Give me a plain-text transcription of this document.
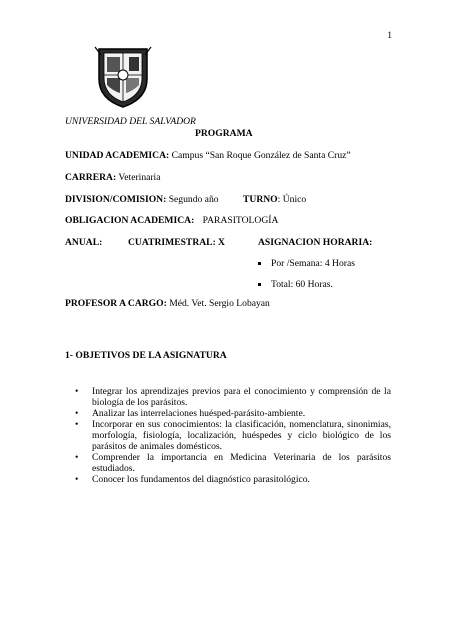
1
UNIVERSIDAD DEL SALVADOR
PROGRAMA
UNIDAD ACADEMICA: Campus “San Roque González de Santa Cruz”
CARRERA: Veterinaria
DIVISION/COMISION: Segundo año	TURNO: Único
OBLIGACION ACADEMICA: PARASITOLOGÍA
ANUAL:	CUATRIMESTRAL: X	ASIGNACION HORARIA:
Por /Semana: 4 Horas
Total: 60 Horas.
PROFESOR A CARGO: Méd. Vet. Sergio Lobayan
1- OBJETIVOS DE LA ASIGNATURA
• Integrar los aprendizajes previos para el conocimiento y comprensión de la biología de los parásitos.
• Analizar las interrelaciones huésped-parásito-ambiente.
• Incorporar en sus conocimientos: la clasificación, nomenclatura, sinonimias, morfología, fisiología, localización, huéspedes y ciclo biológico de los parásitos de animales domésticos.
• Comprender la importancia en Medicina Veterinaria de los parásitos estudiados.
• Conocer los fundamentos del diagnóstico parasitológico.
